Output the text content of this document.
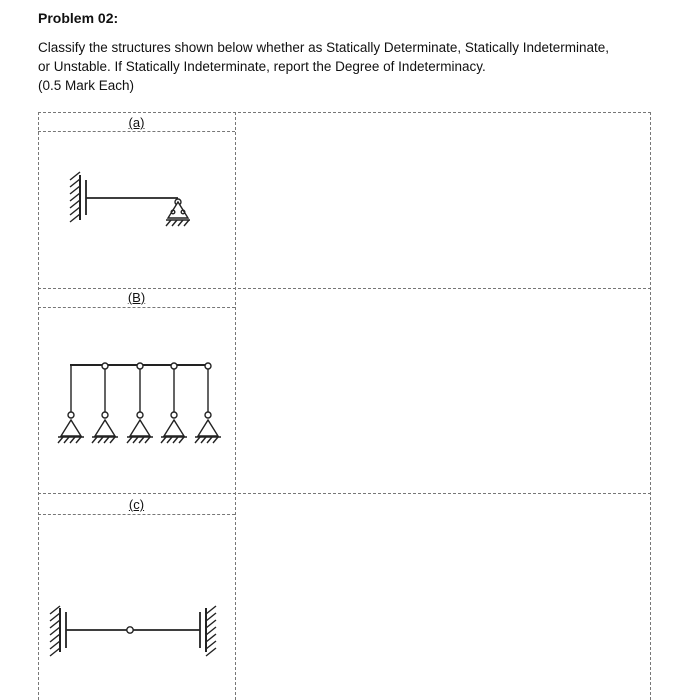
Problem 02:
Classify the structures shown below whether as Statically Determinate, Statically Indeterminate,
or Unstable. If Statically Indeterminate, report the Degree of Indeterminacy.
(0.5 Mark Each)
(a)
(B)
(c)
